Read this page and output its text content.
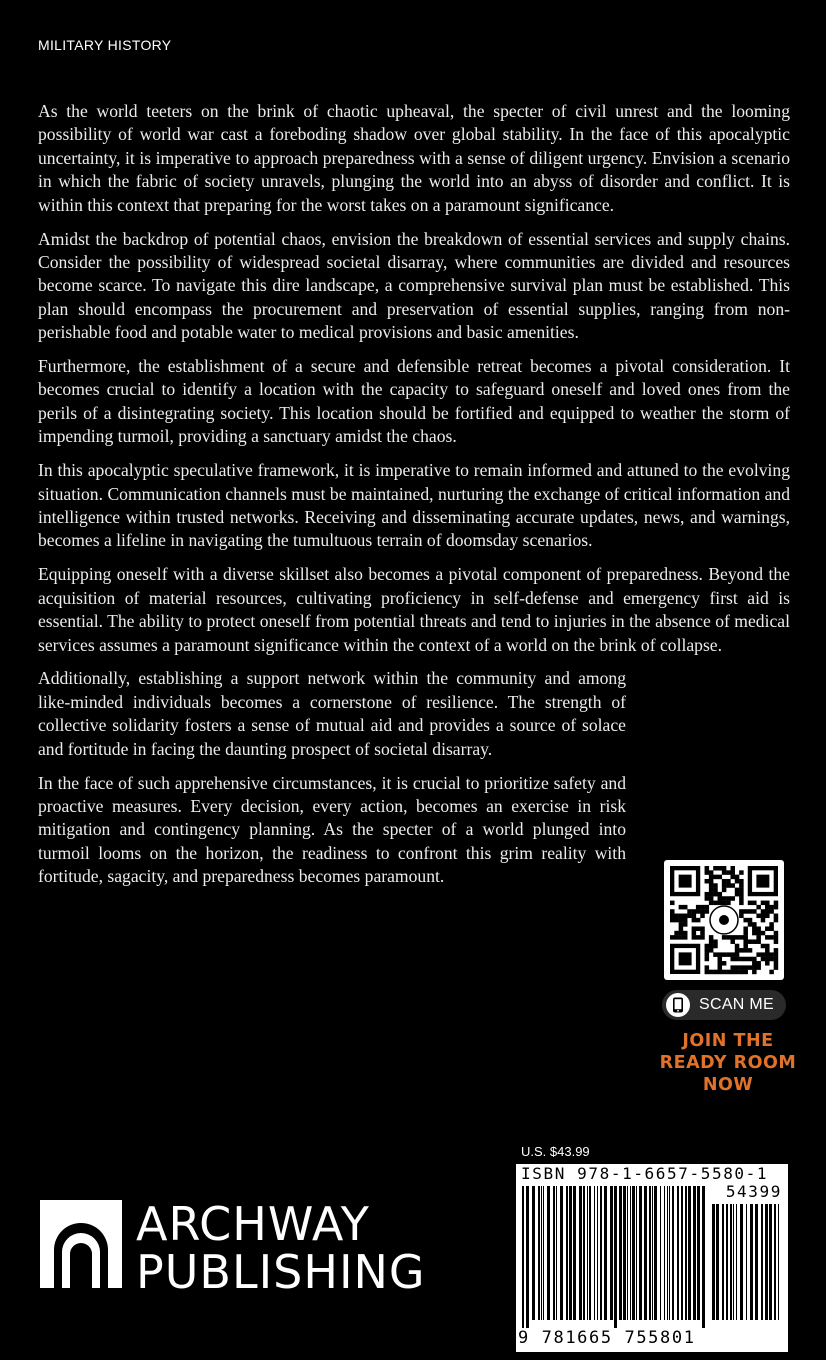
MILITARY HISTORY

As the world teeters on the brink of chaotic upheaval, the specter of civil unrest and the looming possibility of world war cast a foreboding shadow over global stability. In the face of this apocalyptic uncertainty, it is imperative to approach preparedness with a sense of diligent urgency. Envision a scenario in which the fabric of society unravels, plunging the world into an abyss of disorder and conflict. It is within this context that preparing for the worst takes on a paramount significance.

Amidst the backdrop of potential chaos, envision the breakdown of essential services and supply chains. Consider the possibility of widespread societal disarray, where communities are divided and resources become scarce. To navigate this dire landscape, a comprehensive survival plan must be established. This plan should encompass the procurement and preservation of essential supplies, ranging from non-perishable food and potable water to medical provisions and basic amenities.

Furthermore, the establishment of a secure and defensible retreat becomes a pivotal consideration. It becomes crucial to identify a location with the capacity to safeguard oneself and loved ones from the perils of a disintegrating society. This location should be fortified and equipped to weather the storm of impending turmoil, providing a sanctuary amidst the chaos.

In this apocalyptic speculative framework, it is imperative to remain informed and attuned to the evolving situation. Communication channels must be maintained, nurturing the exchange of critical information and intelligence within trusted networks. Receiving and disseminating accurate updates, news, and warnings, becomes a lifeline in navigating the tumultuous terrain of doomsday scenarios.

Equipping oneself with a diverse skillset also becomes a pivotal component of preparedness. Beyond the acquisition of material resources, cultivating proficiency in self-defense and emergency first aid is essential. The ability to protect oneself from potential threats and tend to injuries in the absence of medical services assumes a paramount significance within the context of a world on the brink of collapse.

Additionally, establishing a support network within the community and among like-minded individuals becomes a cornerstone of resilience. The strength of collective solidarity fosters a sense of mutual aid and provides a source of solace and fortitude in facing the daunting prospect of societal disarray.

In the face of such apprehensive circumstances, it is crucial to prioritize safety and proactive measures. Every decision, every action, becomes an exercise in risk mitigation and contingency planning. As the specter of a world plunged into turmoil looms on the horizon, the readiness to confront this grim reality with fortitude, sagacity, and preparedness becomes paramount.

SCAN ME
JOIN THE
READY ROOM
NOW
ARCHWAY
PUBLISHING
U.S. $43.99
ISBN 978-1-6657-5580-1
54399
9 781665 755801
